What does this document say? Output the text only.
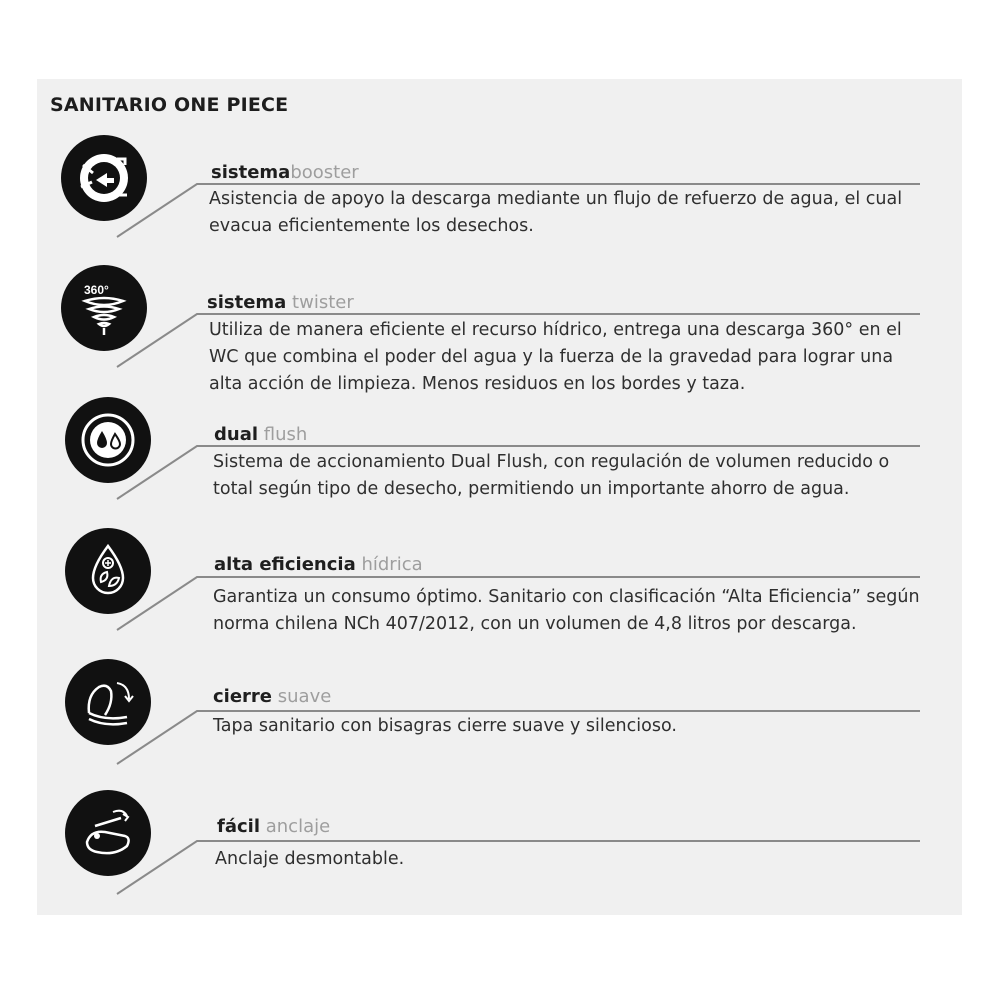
SANITARIO ONE PIECE
sistemabooster
Asistencia de apoyo la descarga mediante un flujo de refuerzo de agua, el cual evacua eficientemente los desechos.
360°
sistema twister
Utiliza de manera eficiente el recurso hídrico, entrega una descarga 360° en el WC que combina el poder del agua y la fuerza de la gravedad para lograr una alta acción de limpieza. Menos residuos en los bordes y taza.
dual flush
Sistema de accionamiento Dual Flush, con regulación de volumen reducido o total según tipo de desecho, permitiendo un importante ahorro de agua.
alta eficiencia hídrica
Garantiza un consumo óptimo. Sanitario con clasificación “Alta Eficiencia” según norma chilena NCh 407/2012, con un volumen de 4,8 litros por descarga.
fácil anclaje
Anclaje desmontable.
cierre suave
Tapa sanitario con bisagras cierre suave y silencioso.
